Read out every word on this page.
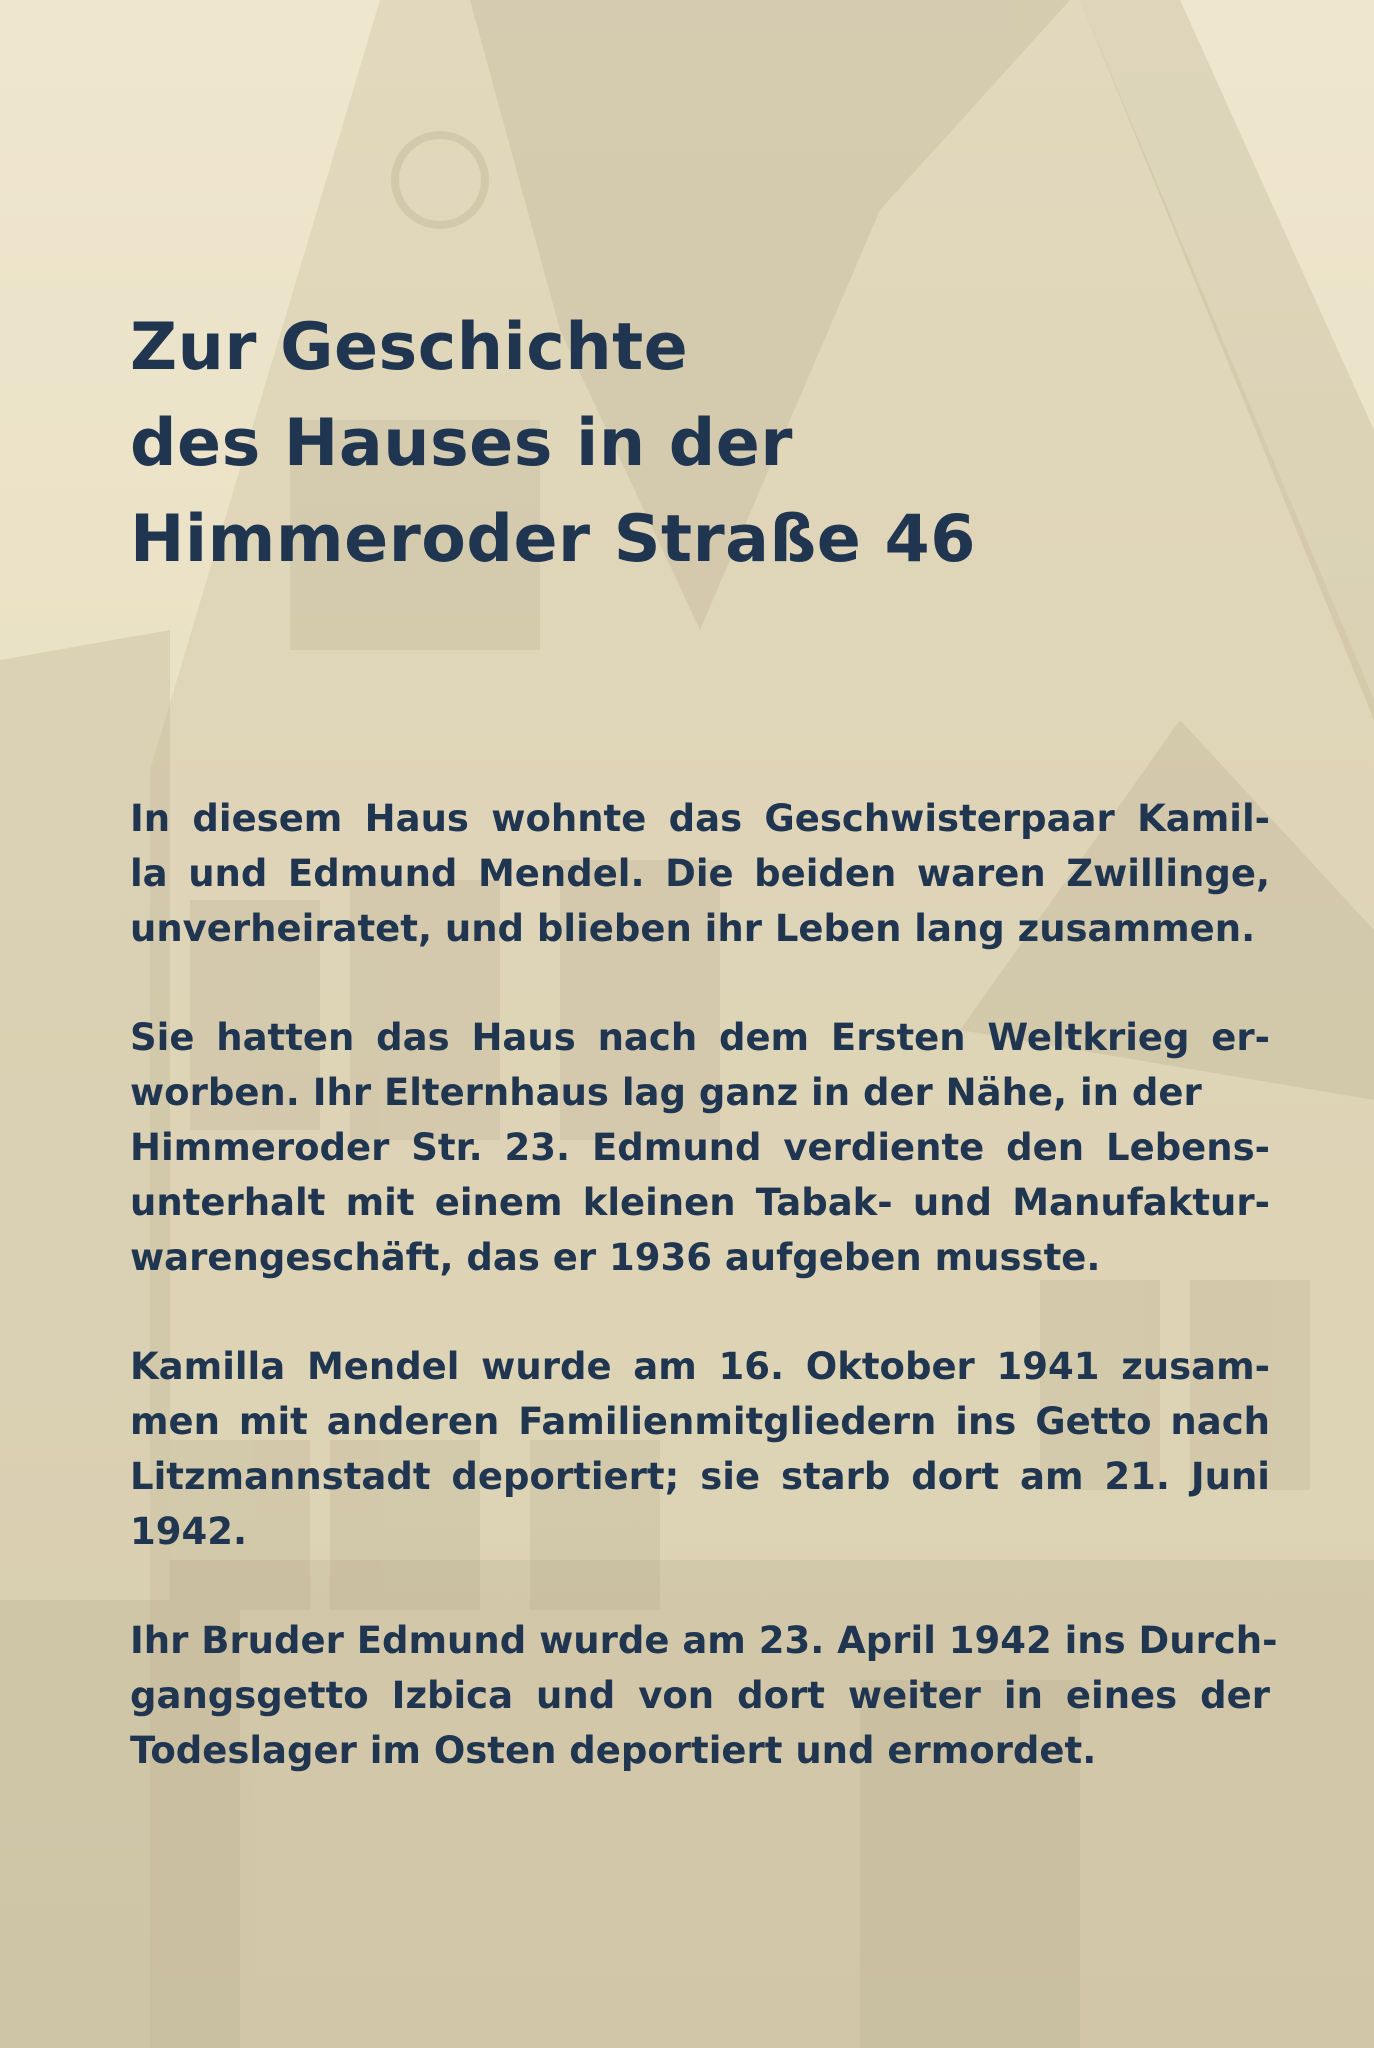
Zur Geschichte
des Hauses in der
Himmeroder Straße 46

In diesem Haus wohnte das Geschwisterpaar Kamil-
la und Edmund Mendel. Die beiden waren Zwillinge,
unverheiratet, und blieben ihr Leben lang zusammen.

Sie hatten das Haus nach dem Ersten Weltkrieg er-
worben. Ihr Elternhaus lag ganz in der Nähe, in der
Himmeroder Str. 23. Edmund verdiente den Lebens-
unterhalt mit einem kleinen Tabak- und Manufaktur-
warengeschäft, das er 1936 aufgeben musste.

Kamilla Mendel wurde am 16. Oktober 1941 zusam-
men mit anderen Familienmitgliedern ins Getto nach
Litzmannstadt deportiert; sie starb dort am 21. Juni
1942.

Ihr Bruder Edmund wurde am 23. April 1942 ins Durch-
gangsgetto Izbica und von dort weiter in eines der
Todeslager im Osten deportiert und ermordet.
